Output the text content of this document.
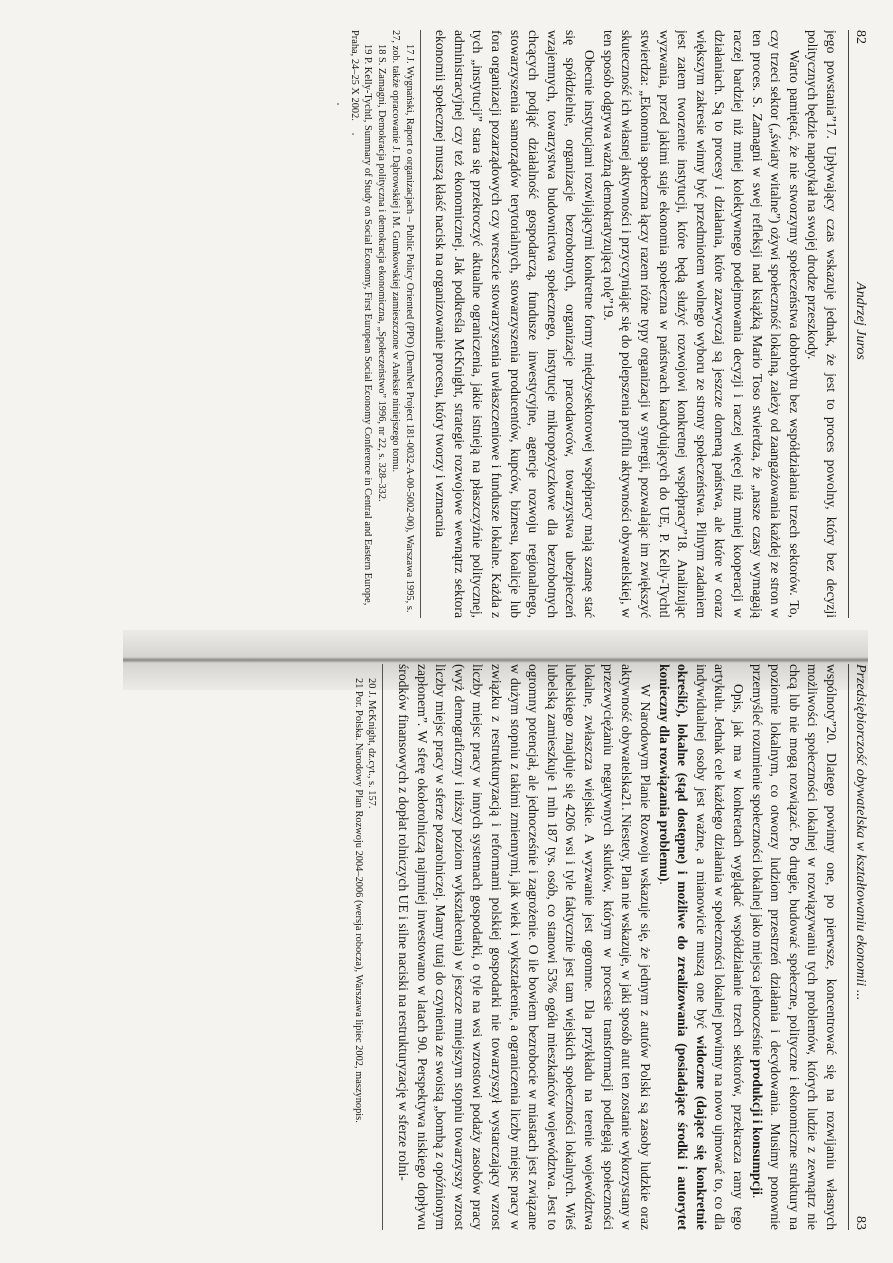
82
Andrzej Juros

jego powstania”17. Upływający czas wskazuje jednak, że jest to proces powolny, który bez decyzji politycznych będzie napotykał na swojej drodze przeszkody.

Warto pamiętać, że nie stworzymy społeczeństwa dobrobytu bez współdziałania trzech sektorów. To, czy trzeci sektor („światy witalne”) ożywi społeczność lokalną, zależy od zaangażowania każdej ze stron w ten proces. S. Zamagni w swej refleksji nad książką Mario Toso stwierdza, że „nasze czasy wymagają raczej bardziej niż mniej kolektywnego podejmowania decyzji i raczej więcej niż mniej kooperacji w działaniach. Są to procesy i działania, które zazwyczaj są jeszcze domeną państwa, ale które w coraz większym zakresie winny być przedmiotem wolnego wyboru ze strony społeczeństwa. Pilnym zadaniem jest zatem tworzenie instytucji, które będą służyć rozwojowi konkretnej współpracy”18. Analizując wyzwania, przed jakimi staje ekonomia społeczna w państwach kandydujących do UE, P. Kelly-Tychtl stwierdza: „Ekonomia społeczna łączy razem różne typy organizacji w synergii, pozwalając im zwiększyć skuteczność ich własnej aktywności i przyczyniając się do polepszenia profilu aktywności obywatelskiej, w ten sposób odgrywa ważną demokratyzującą rolę”19.

Obecnie instytucjami rozwijającymi konkretne formy międzysektorowej współpracy mają szansę stać się spółdzielnie, organizacje bezrobotnych, organizacje pracodawców, towarzystwa ubezpieczeń wzajemnych, towarzystwa budownictwa społecznego, instytucje mikropożyczkowe dla bezrobotnych chcących podjąć działalność gospodarczą, fundusze inwestycyjne, agencje rozwoju regionalnego, stowarzyszenia samorządów terytorialnych, stowarzyszenia producentów, kupców, biznesu, koalicje lub fora organizacji pozarządowych czy wreszcie stowarzyszenia uwłaszczeniowe i fundusze lokalne. Każda z tych „instytucji” stara się przekroczyć aktualne ograniczenia, jakie istnieją na płaszczyźnie politycznej, administracyjnej czy też ekonomicznej. Jak podkreśla McKnight, strategie rozwojowe wewnątrz sektora ekonomii społecznej muszą kłaść nacisk na organizowanie procesu, który tworzy i wzmacnia

17 J. Wygnański, Raport o organizacjach – Public Policy Oriented (PPO) (DemNet Project 181-0032-A-00-5002-00), Warszawa 1995, s. 27, zob. także opracowanie J. Dąbrowskiej i M. Gumkowskiej zamieszczone w Aneksie niniejszego tomu.

18 S. Zamagni, Demokracja polityczna i demokracja ekonomiczna, „Społeczeństwo” 1996, nr 22, s. 328–332.

19 P. Kelly-Tychtl, Summary of Study on Social Economy, First European Social Economy Conference in Central and Eastern Europe, Praha, 24–25 X 2002.

Przedsiębiorczość obywatelska w kształtowaniu ekonomii ...
83

wspólnoty”20. Dlatego powinny one, po pierwsze, koncentrować się na rozwijaniu własnych możliwości społeczności lokalnej w rozwiązywaniu tych problemów, których ludzie z zewnątrz nie chcą lub nie mogą rozwiązać. Po drugie, budować społeczne, polityczne i ekonomiczne struktury na poziomie lokalnym, co otworzy ludziom przestrzeń działania i decydowania. Musimy ponownie przemyśleć rozumienie społeczności lokalnej jako miejsca jednocześnie produkcji i konsumpcji.

Opis, jak ma w konkretach wyglądać współdziałanie trzech sektorów, przekracza ramy tego artykułu. Jednak cele każdego działania w społeczności lokalnej powinny na nowo ujmować to, co dla indywidualnej osoby jest ważne, a mianowicie muszą one być widoczne (dające się konkretnie określić), lokalne (stąd dostępne) i możliwe do zrealizowania (posiadające środki i autorytet konieczny dla rozwiązania problemu).

W Narodowym Planie Rozwoju wskazuje się, że jednym z atutów Polski są zasoby ludzkie oraz aktywność obywatelska21. Niestety, Plan nie wskazuje, w jaki sposób atut ten zostanie wykorzystany w przezwyciężaniu negatywnych skutków, którym w procesie transformacji podlegają społeczności lokalne, zwłaszcza wiejskie. A wyzwanie jest ogromne. Dla przykładu na terenie województwa lubelskiego znajduje się 4206 wsi i tyle faktycznie jest tam wiejskich społeczności lokalnych. Wieś lubelską zamieszkuje 1 mln 187 tys. osób, co stanowi 53% ogółu mieszkańców województwa. Jest to ogromny potencjał, ale jednocześnie i zagrożenie. O ile bowiem bezrobocie w miastach jest związane w dużym stopniu z takimi zmiennymi, jak wiek i wykształcenie, a ograniczenia liczby miejsc pracy w związku z restrukturyzacją i reformami polskiej gospodarki nie towarzyszył wystarczający wzrost liczby miejsc pracy w innych systemach gospodarki, o tyle na wsi wzrostowi podaży zasobów pracy (wyż demograficzny i niższy poziom wykształcenia) w jeszcze mniejszym stopniu towarzyszy wzrost liczby miejsc pracy w sferze pozarolniczej. Mamy tutaj do czynienia ze swoistą „bombą z opóźnionym zapłonem”. W sferę okołorolniczą najmniej inwestowano w latach 90. Perspektywa niskiego dopływu środków finansowych z dopłat rolniczych UE i silne naciski na restrukturyzację w sferze rolni-

20 J. McKnight, dz.cyt., s. 157.

21 Por. Polska. Narodowy Plan Rozwoju 2004–2006 (wersja robocza), Warszawa lipiec 2002, maszynopis.
